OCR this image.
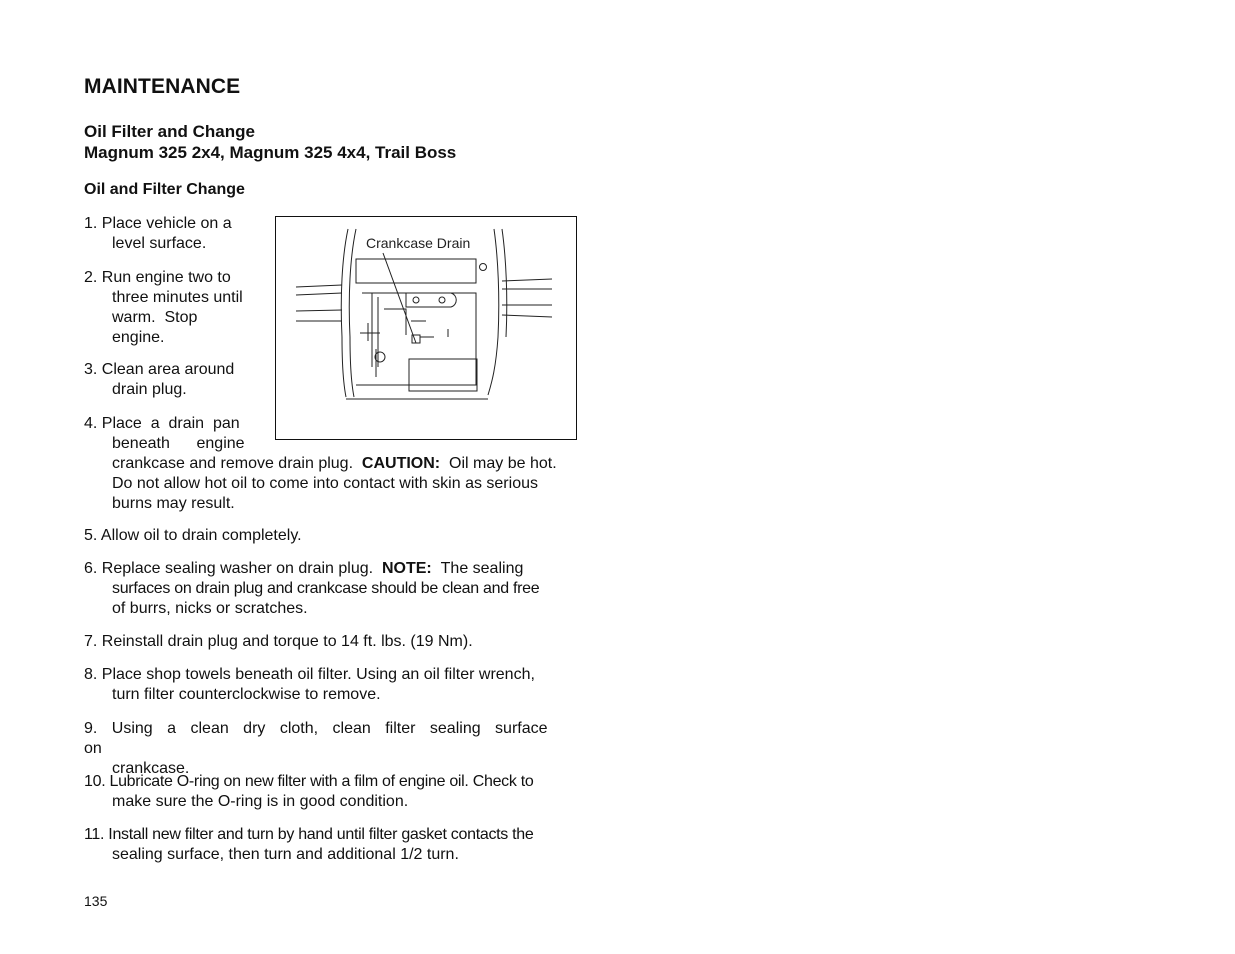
MAINTENANCE
Oil Filter and Change
Magnum 325 2x4, Magnum 325 4x4, Trail Boss
Oil and Filter Change
1. Place vehicle on a
level surface.
2. Run engine two to
three minutes until
warm.  Stop
engine.
3. Clean area around
drain plug.
4. Place  a  drain  pan
beneath      engine
crankcase and remove drain plug. CAUTION: Oil may be hot.
Do not allow hot oil to come into contact with skin as serious
burns may result.
5. Allow oil to drain completely.
6. Replace sealing washer on drain plug. NOTE: The sealing
surfaces on drain plug and crankcase should be clean and free
of burrs, nicks or scratches.
7. Reinstall drain plug and torque to 14 ft. lbs. (19 Nm).
8. Place shop towels beneath oil filter. Using an oil filter wrench,
turn filter counterclockwise to remove.
9. Using a clean dry cloth, clean filter sealing surface on
crankcase.
10. Lubricate O-ring on new filter with a film of engine oil. Check to
make sure the O-ring is in good condition.
11. Install new filter and turn by hand until filter gasket contacts the
sealing surface, then turn and additional 1/2 turn.
Crankcase Drain

135
